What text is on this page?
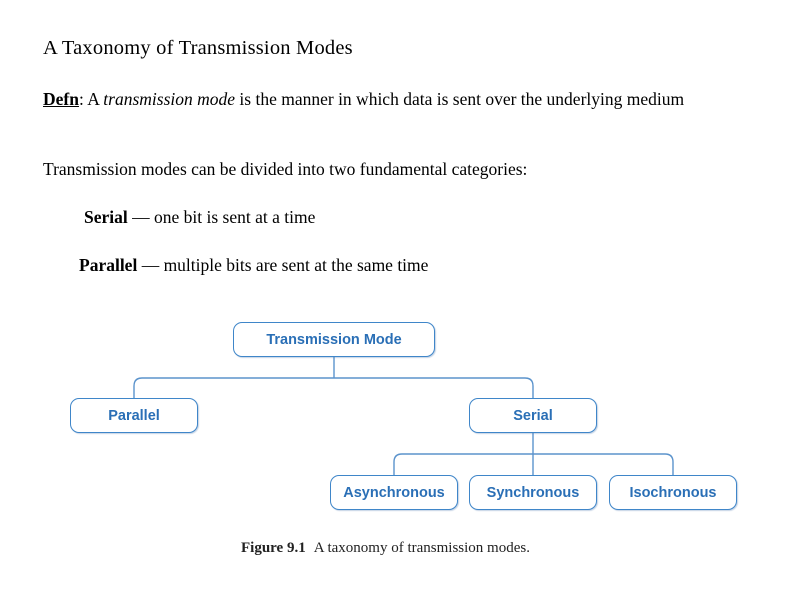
A Taxonomy of Transmission Modes

Defn: A transmission mode is the manner in which data is sent over the underlying medium

Transmission modes can be divided into two fundamental categories:

Serial — one bit is sent at a time

Parallel — multiple bits are sent at the same time

Transmission Mode
Parallel	Serial
Asynchronous	Synchronous	Isochronous

Figure 9.1 A taxonomy of transmission modes.
